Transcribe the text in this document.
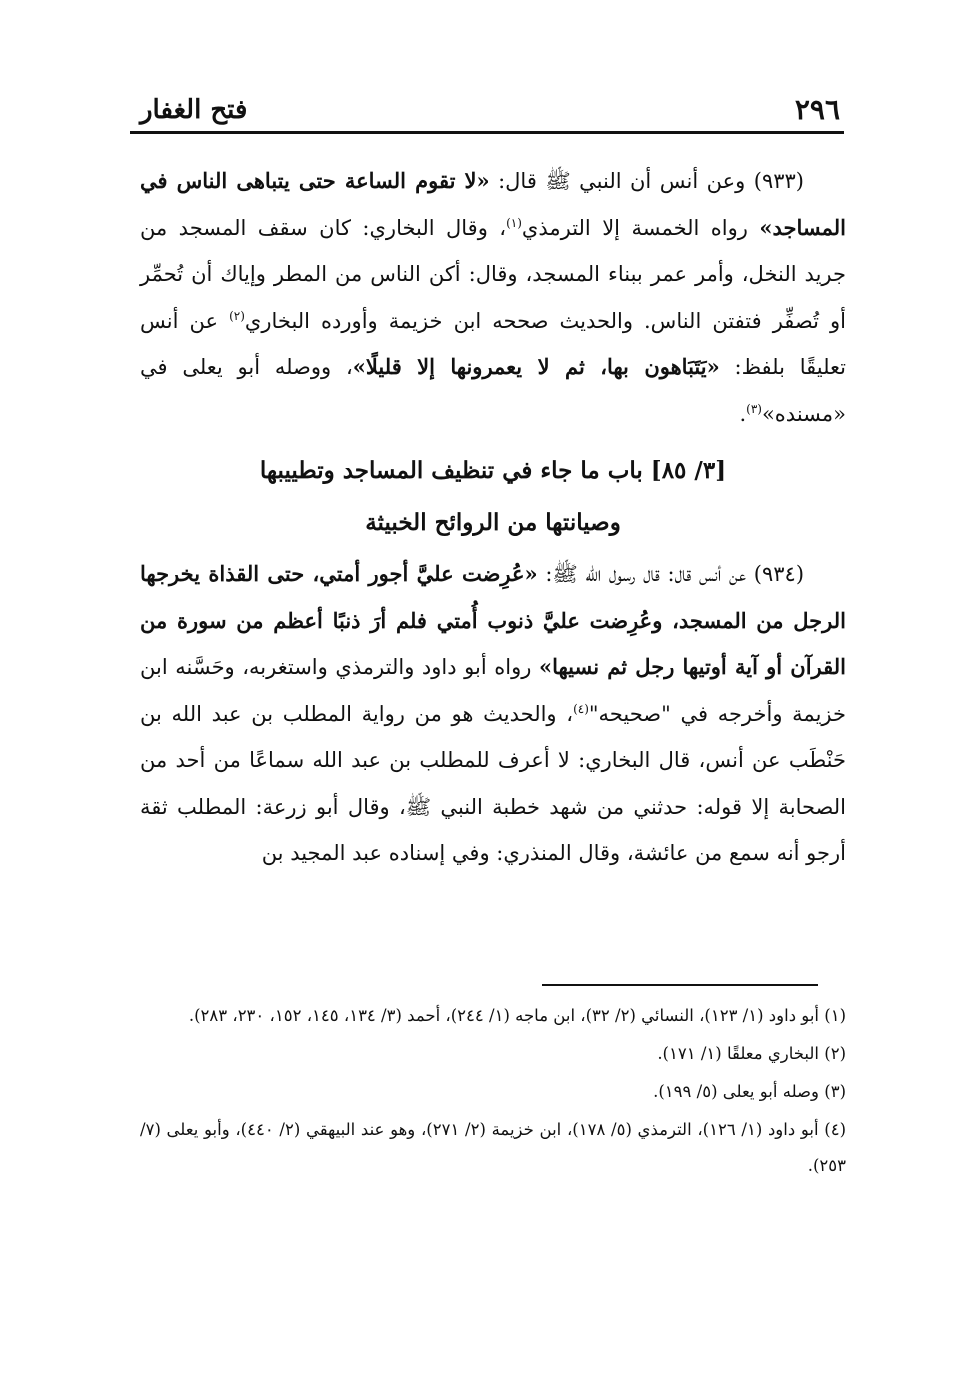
٢٩٦
فتح الغفار

(٩٣٣) وعن أنس أن النبي ﷺ قال: «لا تقوم الساعة حتى يتباهى الناس في المساجد» رواه الخمسة إلا الترمذي$^{(١)}$، وقال البخاري: كان سقف المسجد من جريد النخل، وأمر عمر ببناء المسجد، وقال: أكن الناس من المطر وإياك أن تُحمِّر أو تُصفِّر فتفتن الناس. والحديث صححه ابن خزيمة وأورده البخاري$^{(٢)}$ عن أنس تعليقًا بلفظ: «يَتَبَاهون بها، ثم لا يعمرونها إلا قليلًا»، ووصله أبو يعلى في «مسنده»$^{(٣)}$.

[٣/ ٨٥] باب ما جاء في تنظيف المساجد وتطييبها
وصيانتها من الروائح الخبيثة

(٩٣٤) عن أنس قال: قال رسول الله ﷺ: «عُرِضت عليَّ أجور أمتي، حتى القذاة يخرجها الرجل من المسجد، وعُرِضت عليَّ ذنوب أُمتي فلم أرَ ذنبًا أعظم من سورة من القرآن أو آية أوتيها رجل ثم نسيها» رواه أبو داود والترمذي واستغربه، وحَسَّنه ابن خزيمة وأخرجه في "صحيحه"$^{(٤)}$، والحديث هو من رواية المطلب بن عبد الله بن حَنْطَب عن أنس، قال البخاري: لا أعرف للمطلب بن عبد الله سماعًا من أحد من الصحابة إلا قوله: حدثني من شهد خطبة النبي ﷺ، وقال أبو زرعة: المطلب ثقة أرجو أنه سمع من عائشة، وقال المنذري: وفي إسناده عبد المجيد بن

(١) أبو داود (١/ ١٢٣)، النسائي (٢/ ٣٢)، ابن ماجه (١/ ٢٤٤)، أحمد (٣/ ١٣٤، ١٤٥، ١٥٢، ٢٣٠، ٢٨٣).

(٢) البخاري معلقًا (١/ ١٧١).

(٣) وصله أبو يعلى (٥/ ١٩٩).

(٤) أبو داود (١/ ١٢٦)، الترمذي (٥/ ١٧٨)، ابن خزيمة (٢/ ٢٧١)، وهو عند البيهقي (٢/ ٤٤٠)، وأبو يعلى (٧/ ٢٥٣).
